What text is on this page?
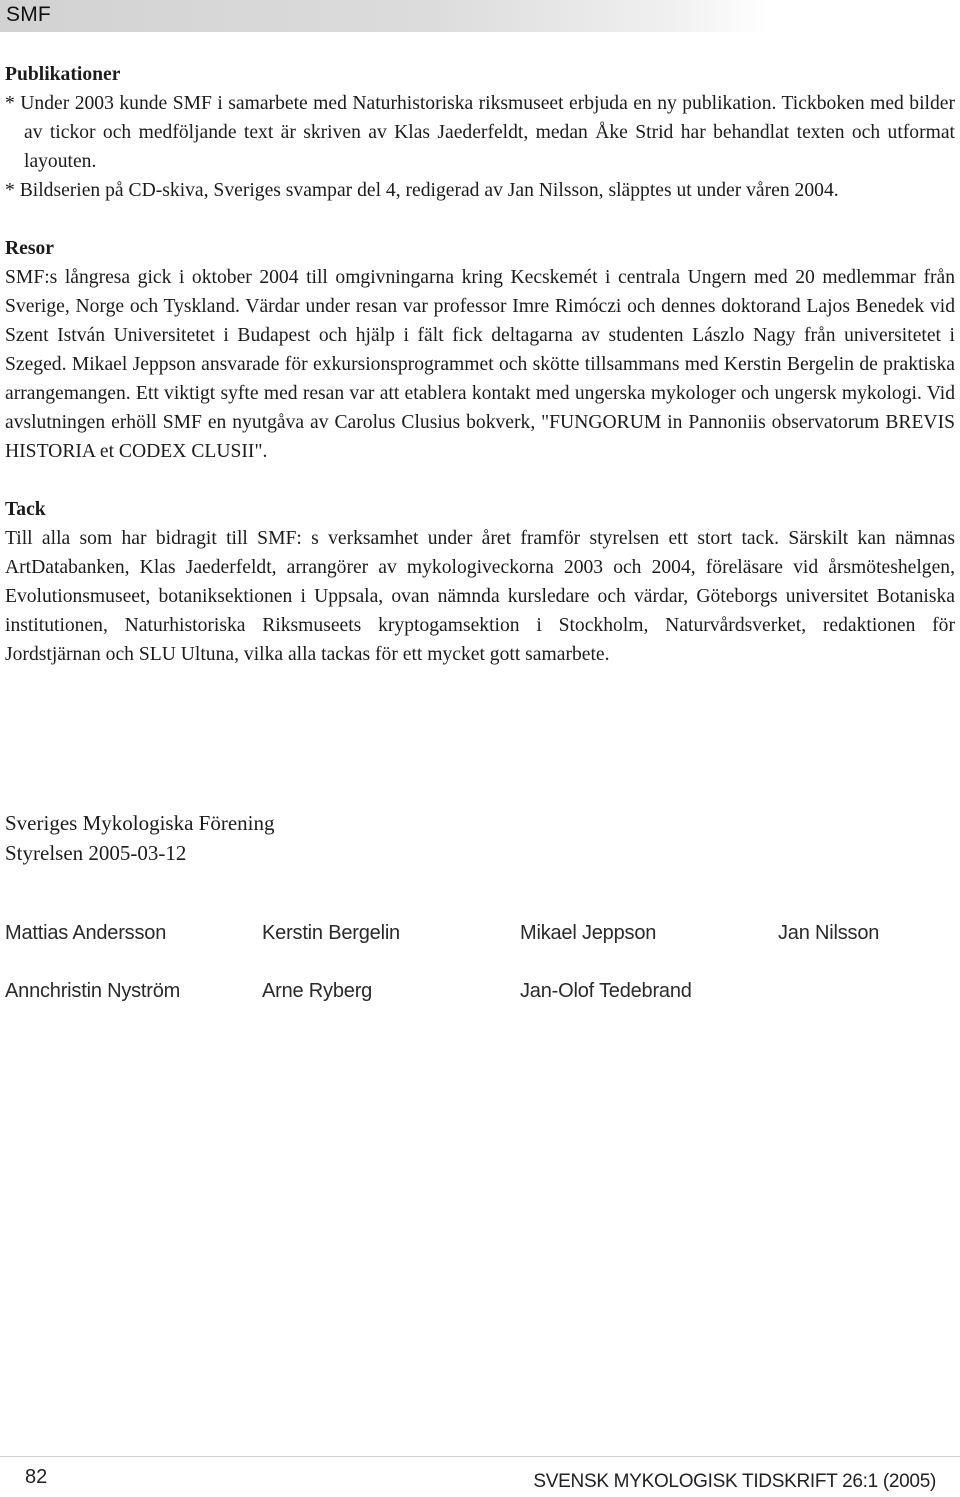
SMF

Publikationer

* Under 2003 kunde SMF i samarbete med Naturhistoriska riksmuseet erbjuda en ny publikation. Tickboken med bilder av tickor och medföljande text är skriven av Klas Jaederfeldt, medan Åke Strid har behandlat texten och utformat layouten.

* Bildserien på CD-skiva, Sveriges svampar del 4, redigerad av Jan Nilsson, släpptes ut under våren 2004.

Resor

SMF:s långresa gick i oktober 2004 till omgivningarna kring Kecskemét i centrala Ungern med 20 medlemmar från Sverige, Norge och Tyskland. Värdar under resan var professor Imre Rimóczi och dennes doktorand Lajos Benedek vid Szent István Universitetet i Budapest och hjälp i fält fick deltagarna av studenten Lászlo Nagy från universitetet i Szeged. Mikael Jeppson ansvarade för exkursionsprogrammet och skötte tillsammans med Kerstin Bergelin de praktiska arrangemangen. Ett viktigt syfte med resan var att etablera kontakt med ungerska mykologer och ungersk mykologi. Vid avslutningen erhöll SMF en nyutgåva av Carolus Clusius bokverk, "FUNGORUM in Pannoniis observatorum BREVIS HISTORIA et CODEX CLUSII".

Tack

Till alla som har bidragit till SMF: s verksamhet under året framför styrelsen ett stort tack. Särskilt kan nämnas ArtDatabanken, Klas Jaederfeldt, arrangörer av mykologiveckorna 2003 och 2004, föreläsare vid årsmöteshelgen, Evolutionsmuseet, botaniksektionen i Uppsala, ovan nämnda kursledare och värdar, Göteborgs universitet Botaniska institutionen, Naturhistoriska Riksmuseets kryptogamsektion i Stockholm, Naturvårdsverket, redaktionen för Jordstjärnan och SLU Ultuna, vilka alla tackas för ett mycket gott samarbete.

Sveriges Mykologiska Förening
Styrelsen 2005-03-12
Mattias Andersson	Kerstin Bergelin	Mikael Jeppson	Jan Nilsson
Annchristin Nyström	Arne Ryberg	Jan-Olof Tedebrand
82	SVENSK MYKOLOGISK TIDSKRIFT 26:1 (2005)
